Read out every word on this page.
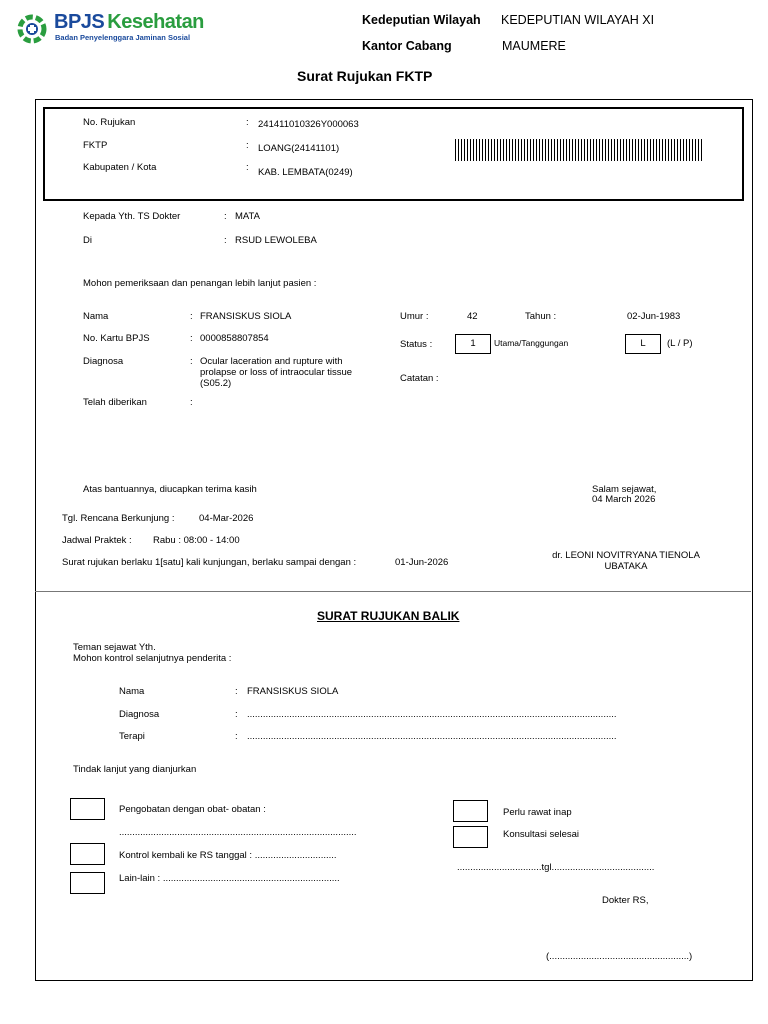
BPJS Kesehatan
Badan Penyelenggara Jaminan Sosial
Kedeputian Wilayah KEDEPUTIAN WILAYAH XI
Kantor Cabang	MAUMERE
Surat Rujukan FKTP
No. Rujukan	: 241411010326Y000063
FKTP	: LOANG(24141101)
Kabupaten / Kota	: KAB. LEMBATA(0249)
Kepada Yth. TS Dokter	: MATA
Di	: RSUD LEWOLEBA
Mohon pemeriksaan dan penangan lebih lanjut pasien :
Nama	: FRANSISKUS SIOLA
No. Kartu BPJS	: 0000858807854
Diagnosa	: Ocular laceration and rupture with
prolapse or loss of intraocular tissue
(S05.2)
Telah diberikan	:
Umur :	42	Tahun :	02-Jun-1983
Status :	1	Utama/Tanggungan	L	(L / P)
Catatan :
Atas bantuannya, diucapkan terima kasih	Salam sejawat,
04 March 2026
Tgl. Rencana Berkunjung :	04-Mar-2026
Jadwal Praktek : Rabu : 08:00 - 14:00
Surat rujukan berlaku 1[satu] kali kunjungan, berlaku sampai dengan :	01-Jun-2026
dr. LEONI NOVITRYANA TIENOLA
UBATAKA
SURAT RUJUKAN BALIK
Teman sejawat Yth.
Mohon kontrol selanjutnya penderita :
Nama	: FRANSISKUS SIOLA
Diagnosa	: ............................................................................................................................................
Terapi	: ............................................................................................................................................
Tindak lanjut yang dianjurkan
Pengobatan dengan obat- obatan :
..........................................................................................
Kontrol kembali ke RS tanggal : ...............................
Lain-lain : ...................................................................
Perlu rawat inap
Konsultasi selesai
................................tgl.......................................
Dokter RS,
(.....................................................)
